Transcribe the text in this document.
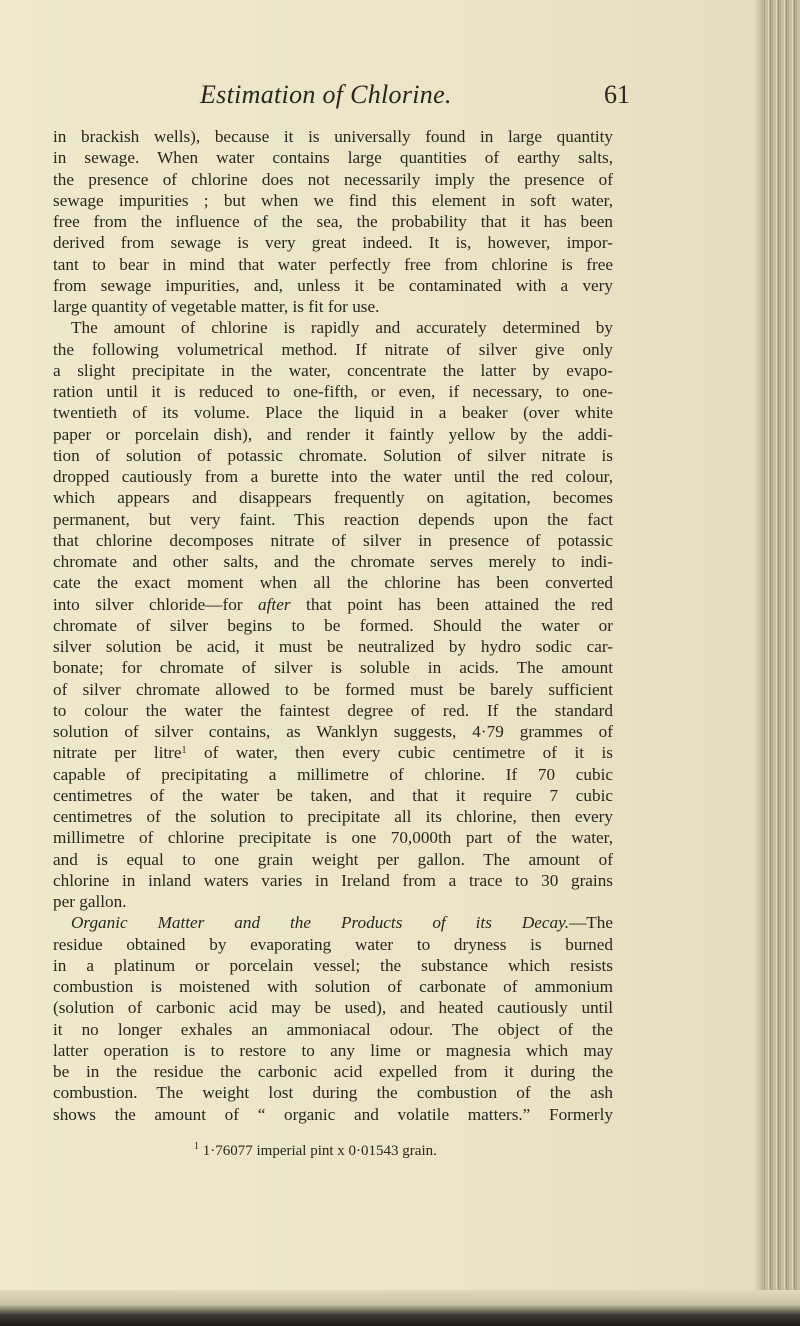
Estimation of Chlorine.	61

in brackish wells), because it is universally found in large quantity
in sewage. When water contains large quantities of earthy salts,
the presence of chlorine does not necessarily imply the presence of
sewage impurities ; but when we find this element in soft water,
free from the influence of the sea, the probability that it has been
derived from sewage is very great indeed. It is, however, impor-
tant to bear in mind that water perfectly free from chlorine is free
from sewage impurities, and, unless it be contaminated with a very
large quantity of vegetable matter, is fit for use.

The amount of chlorine is rapidly and accurately determined by
the following volumetrical method. If nitrate of silver give only
a slight precipitate in the water, concentrate the latter by evapo-
ration until it is reduced to one-fifth, or even, if necessary, to one-
twentieth of its volume. Place the liquid in a beaker (over white
paper or porcelain dish), and render it faintly yellow by the addi-
tion of solution of potassic chromate. Solution of silver nitrate is
dropped cautiously from a burette into the water until the red colour,
which appears and disappears frequently on agitation, becomes
permanent, but very faint. This reaction depends upon the fact
that chlorine decomposes nitrate of silver in presence of potassic
chromate and other salts, and the chromate serves merely to indi-
cate the exact moment when all the chlorine has been converted
into silver chloride—for after that point has been attained the red
chromate of silver begins to be formed. Should the water or
silver solution be acid, it must be neutralized by hydro sodic car-
bonate; for chromate of silver is soluble in acids. The amount
of silver chromate allowed to be formed must be barely sufficient
to colour the water the faintest degree of red. If the standard
solution of silver contains, as Wanklyn suggests, 4·79 grammes of
nitrate per litre$^1$ of water, then every cubic centimetre of it is
capable of precipitating a millimetre of chlorine. If 70 cubic
centimetres of the water be taken, and that it require 7 cubic
centimetres of the solution to precipitate all its chlorine, then every
millimetre of chlorine precipitate is one 70,000th part of the water,
and is equal to one grain weight per gallon. The amount of
chlorine in inland waters varies in Ireland from a trace to 30 grains
per gallon.

Organic Matter and the Products of its Decay.—The
residue obtained by evaporating water to dryness is burned
in a platinum or porcelain vessel; the substance which resists
combustion is moistened with solution of carbonate of ammonium
(solution of carbonic acid may be used), and heated cautiously until
it no longer exhales an ammoniacal odour. The object of the
latter operation is to restore to any lime or magnesia which may
be in the residue the carbonic acid expelled from it during the
combustion. The weight lost during the combustion of the ash
shows the amount of “ organic and volatile matters.” Formerly

$^1$ 1·76077 imperial pint x 0·01543 grain.
